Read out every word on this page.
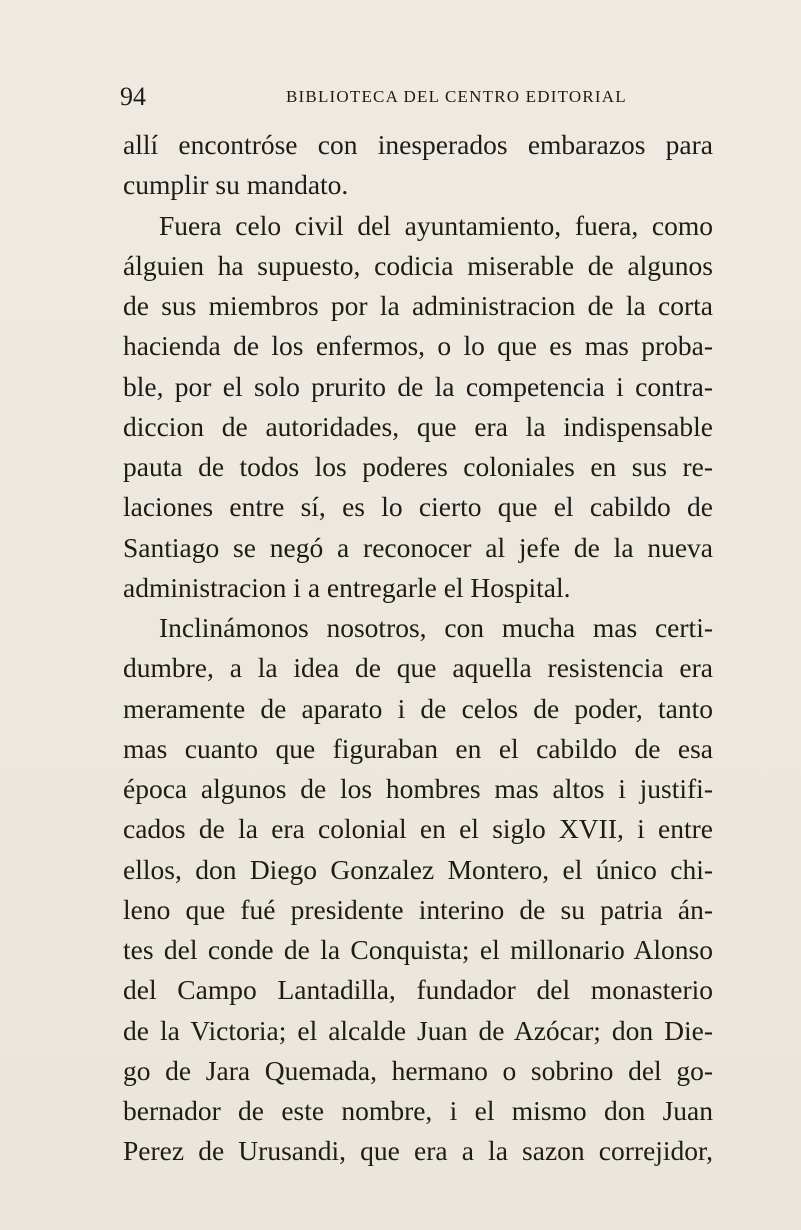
94	BIBLIOTECA DEL CENTRO EDITORIAL
allí encontróse con inesperados embarazos para
cumplir su mandato.
Fuera celo civil del ayuntamiento, fuera, como
álguien ha supuesto, codicia miserable de algunos
de sus miembros por la administracion de la corta
hacienda de los enfermos, o lo que es mas proba-
ble, por el solo prurito de la competencia i contra-
diccion de autoridades, que era la indispensable
pauta de todos los poderes coloniales en sus re-
laciones entre sí, es lo cierto que el cabildo de
Santiago se negó a reconocer al jefe de la nueva
administracion i a entregarle el Hospital.
Inclinámonos nosotros, con mucha mas certi-
dumbre, a la idea de que aquella resistencia era
meramente de aparato i de celos de poder, tanto
mas cuanto que figuraban en el cabildo de esa
época algunos de los hombres mas altos i justifi-
cados de la era colonial en el siglo XVII, i entre
ellos, don Diego Gonzalez Montero, el único chi-
leno que fué presidente interino de su patria án-
tes del conde de la Conquista; el millonario Alonso
del Campo Lantadilla, fundador del monasterio
de la Victoria; el alcalde Juan de Azócar; don Die-
go de Jara Quemada, hermano o sobrino del go-
bernador de este nombre, i el mismo don Juan
Perez de Urusandi, que era a la sazon correjidor,
